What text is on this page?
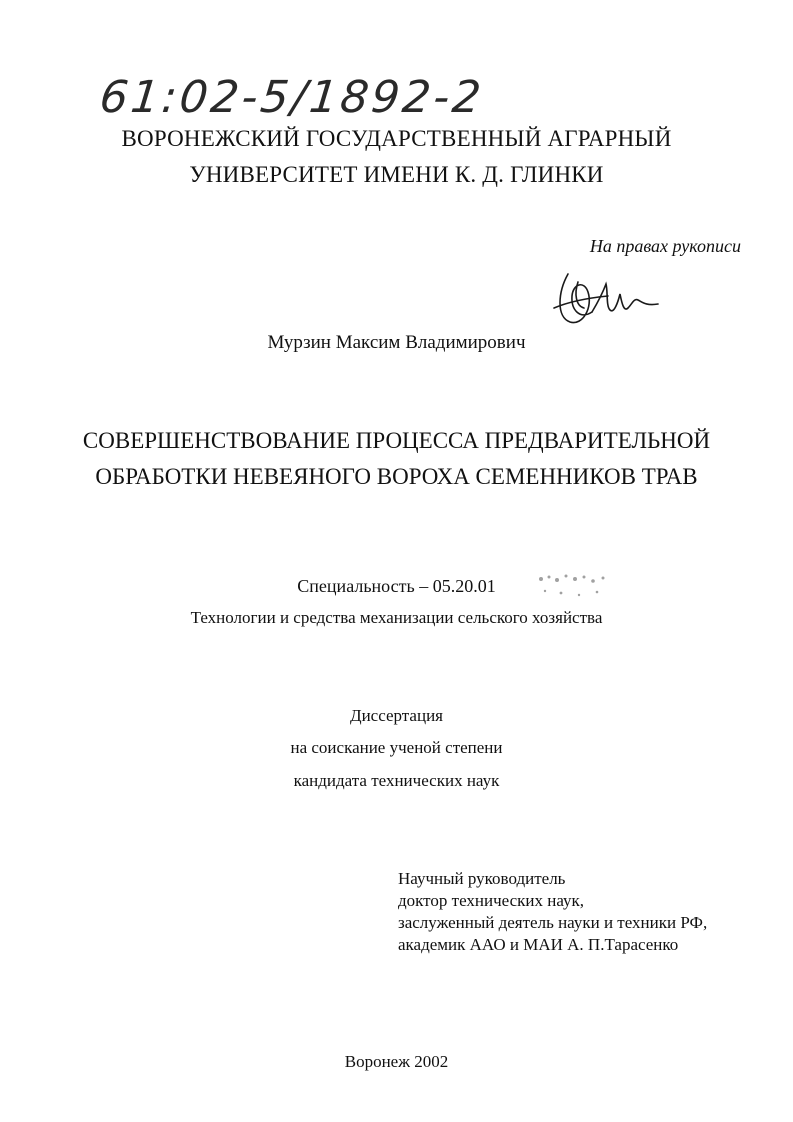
61:02-5/1892-2
ВОРОНЕЖСКИЙ ГОСУДАРСТВЕННЫЙ АГРАРНЫЙ
УНИВЕРСИТЕТ ИМЕНИ К. Д. ГЛИНКИ
На правах рукописи
Мурзин Максим Владимирович
СОВЕРШЕНСТВОВАНИЕ ПРОЦЕССА ПРЕДВАРИТЕЛЬНОЙ
ОБРАБОТКИ НЕВЕЯНОГО ВОРОХА СЕМЕННИКОВ ТРАВ
Специальность – 05.20.01
Технологии и средства механизации сельского хозяйства
Диссертация
на соискание ученой степени
кандидата технических наук
Научный руководитель
доктор технических наук,
заслуженный деятель науки и техники РФ,
академик ААО и МАИ А. П.Тарасенко
Воронеж 2002
